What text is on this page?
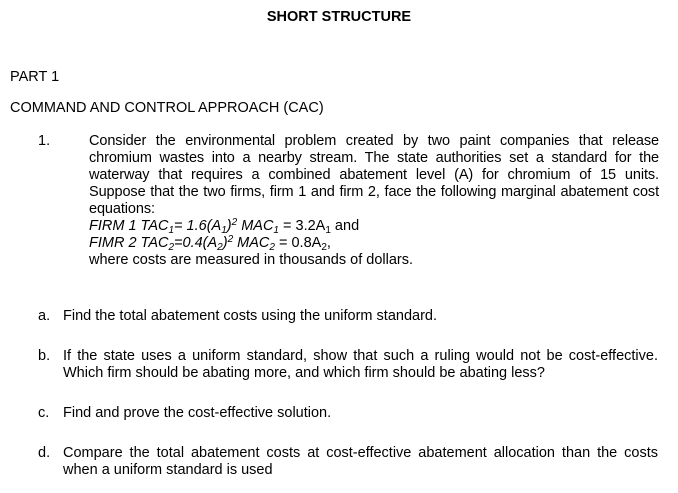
SHORT STRUCTURE
PART 1
COMMAND AND CONTROL APPROACH (CAC)
1.	Consider the environmental problem created by two paint companies that release chromium wastes into a nearby stream. The state authorities set a standard for the waterway that requires a combined abatement level (A) for chromium of 15 units. Suppose that the two firms, firm 1 and firm 2, face the following marginal abatement cost equations:
FIRM 1 $TAC_1= 1.6(A_1)^2$ $MAC_1 = 3.2A_1$ and
FIMR 2 $TAC_2=0.4(A_2)^2$ $MAC_2 = 0.8A_2$,
where costs are measured in thousands of dollars.
a. Find the total abatement costs using the uniform standard.
b. If the state uses a uniform standard, show that such a ruling would not be cost-effective. Which firm should be abating more, and which firm should be abating less?
c. Find and prove the cost-effective solution.
d. Compare the total abatement costs at cost-effective abatement allocation than the costs when a uniform standard is used
